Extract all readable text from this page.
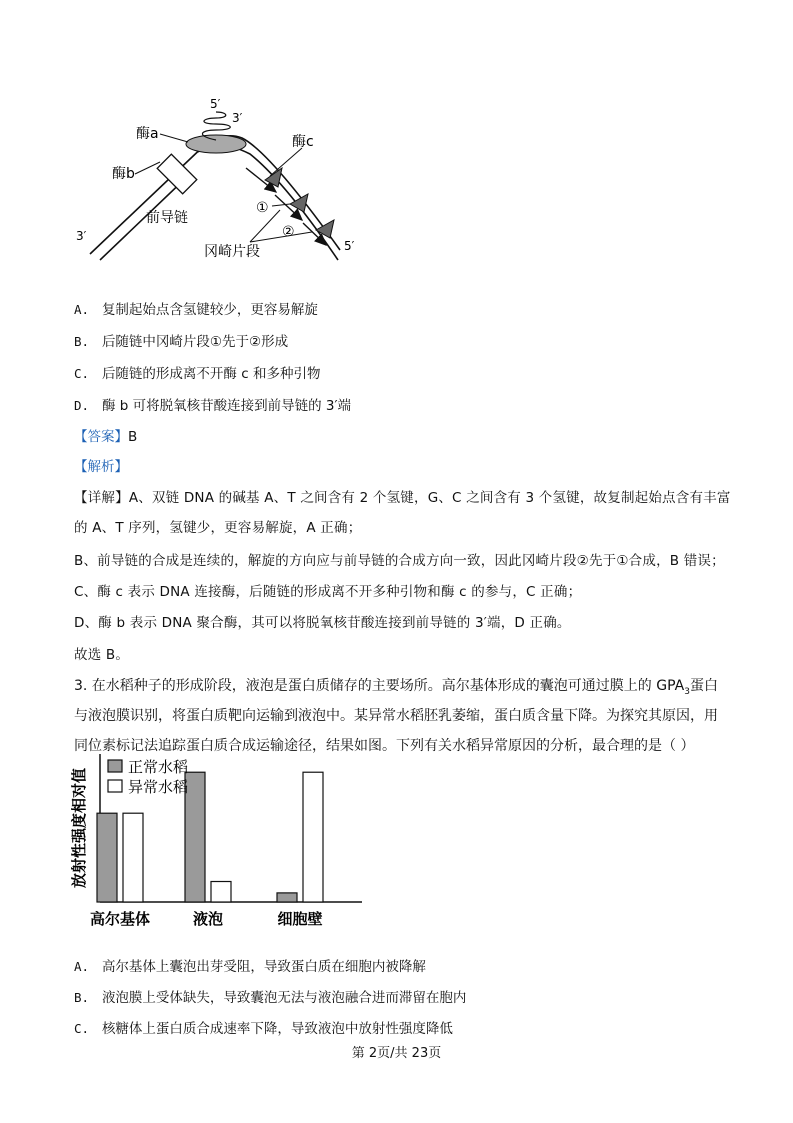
酶a
酶b
酶c
5′
3′
3′
5′
前导链
①
②
冈崎片段
A. 复制起始点含氢键较少，更容易解旋
B. 后随链中冈崎片段①先于②形成
C. 后随链的形成离不开酶 c 和多种引物
D. 酶 b 可将脱氧核苷酸连接到前导链的 3′端
【答案】B
【解析】
【详解】A、双链 DNA 的碱基 A、T 之间含有 2 个氢键，G、C 之间含有 3 个氢键，故复制起始点含有丰富
的 A、T 序列，氢键少，更容易解旋，A 正确；
B、前导链的合成是连续的，解旋的方向应与前导链的合成方向一致，因此冈崎片段②先于①合成，B 错误；
C、酶 c 表示 DNA 连接酶，后随链的形成离不开多种引物和酶 c 的参与，C 正确；
D、酶 b 表示 DNA 聚合酶，其可以将脱氧核苷酸连接到前导链的 3′端，D 正确。
故选 B。
3. 在水稻种子的形成阶段，液泡是蛋白质储存的主要场所。高尔基体形成的囊泡可通过膜上的 $GPA_3$蛋白
与液泡膜识别，将蛋白质靶向运输到液泡中。某异常水稻胚乳萎缩，蛋白质含量下降。为探究其原因，用
同位素标记法追踪蛋白质合成运输途径，结果如图。下列有关水稻异常原因的分析，最合理的是（ ）
正常水稻
异常水稻
高尔基体	液泡	细胞壁
放射性强度相对值
A. 高尔基体上囊泡出芽受阻，导致蛋白质在细胞内被降解
B. 液泡膜上受体缺失，导致囊泡无法与液泡融合进而滞留在胞内
C. 核糖体上蛋白质合成速率下降，导致液泡中放射性强度降低
第 2页/共 23页
